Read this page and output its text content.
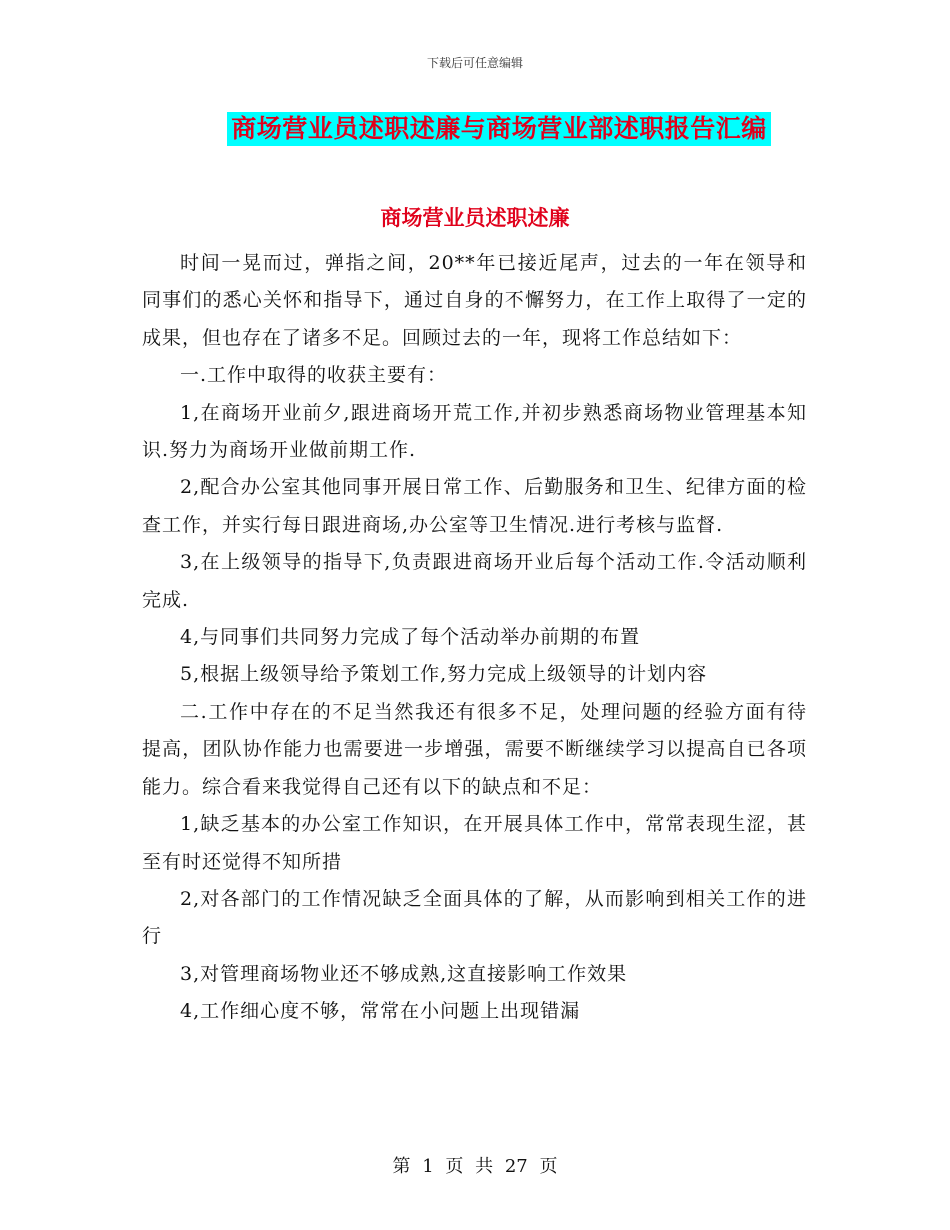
下载后可任意编辑
商场营业员述职述廉与商场营业部述职报告汇编
商场营业员述职述廉

时间一晃而过，弹指之间，20**年已接近尾声，过去的一年在领导和同事们的悉心关怀和指导下，通过自身的不懈努力，在工作上取得了一定的成果，但也存在了诸多不足。回顾过去的一年，现将工作总结如下：

一.工作中取得的收获主要有：

1,在商场开业前夕,跟进商场开荒工作,并初步熟悉商场物业管理基本知识.努力为商场开业做前期工作.

2,配合办公室其他同事开展日常工作、后勤服务和卫生、纪律方面的检查工作，并实行每日跟进商场,办公室等卫生情况.进行考核与监督.

3,在上级领导的指导下,负责跟进商场开业后每个活动工作.令活动顺利完成.

4,与同事们共同努力完成了每个活动举办前期的布置

5,根据上级领导给予策划工作,努力完成上级领导的计划内容

二.工作中存在的不足当然我还有很多不足，处理问题的经验方面有待提高，团队协作能力也需要进一步增强，需要不断继续学习以提高自已各项能力。综合看来我觉得自己还有以下的缺点和不足：

1,缺乏基本的办公室工作知识，在开展具体工作中，常常表现生涩，甚至有时还觉得不知所措

2,对各部门的工作情况缺乏全面具体的了解，从而影响到相关工作的进行

3,对管理商场物业还不够成熟,这直接影响工作效果

4,工作细心度不够，常常在小问题上出现错漏

第 1 页 共 27 页
